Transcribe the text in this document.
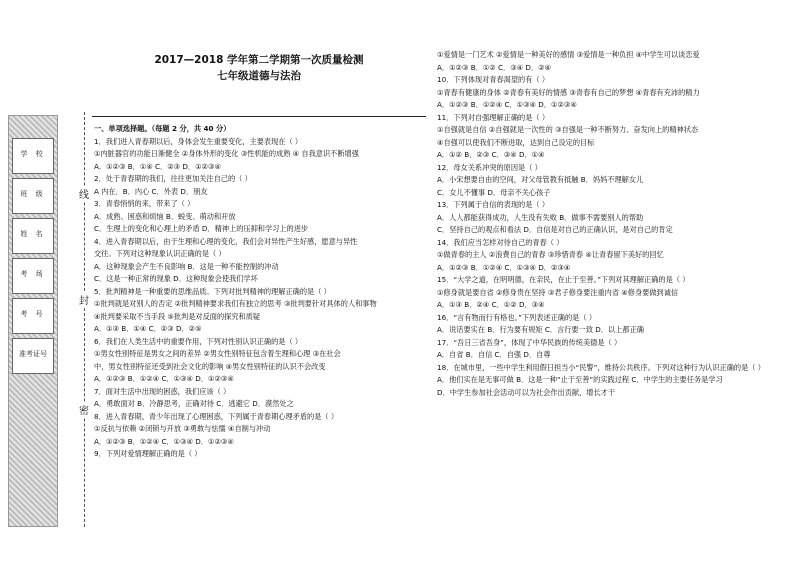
学 校
班 级
姓 名
考 场
考 号
准考证号
线
封
密
2017—2018 学年第二学期第一次质量检测
七年级道德与法治
一、单项选择题。（每题 2 分，共 40 分）
1．我们进入青春期以后，身体会发生重要变化，主要表现在（ ）
①内脏器官的功能日渐健全 ②身体外形的变化 ③性机能的成熟 ④ 自我意识不断增强
A．①②③ B．①④ C．②③ D．①②③④
2．处于青春期的我们，往往更加关注自己的（ ）
A 内在．B．内心 C．外表 D．朋友
3．青春悄悄的来，带来了（ ）
A．成熟、困惑和烦恼 B．蜕变、萌动和开放
C．生理上的变化和心理上的矛盾 D．精神上的压抑和学习上的进步
4．进入青春期以后，由于生理和心理的变化，我们会对异性产生好感，愿意与异性
交往。下列对这种现象认识正确的是（ ）
A．这种现象会产生不良影响 B．这是一种不能控制的冲动
C．这是一种正常的现象 D．这种现象会使我们学坏
5．批判精神是一种重要的思维品质。下列对批判精神的理解正确的是（ ）
①批判就是对别人的否定 ②批判精神要求我们有独立的思考 ③批判要针对具体的人和事物
④批判要采取不当手段 ⑤批判是对反面的探究和质疑
A．①③ B．①④ C．②③ D．②⑤
6．我们在人类生活中的重要作用，下列对性别认识正确的是（ ）
①男女性别特征是男女之间的差异 ②男女性别特征包含着生理和心理 ③在社会
中，男女性别特征还受到社会文化的影响 ④男女性别特征的认识不会改变
A．①②③ B．①②④ C．①③④ D．①②③④
7．面对生活中出现的困惑，我们应该（ ）
A．勇敢面对 B．冷静思考，正确对待 C．逃避它 D．漠然处之
8．进入青春期，青少年出现了心理困惑，下列属于青春期心理矛盾的是（ ）
①反抗与依赖 ②闭锁与开放 ③勇敢与怯懦 ④自制与冲动
A．①②③ B．①②④ C．①③④ D．①②③④
9．下列对爱情理解正确的是（ ）
①爱情是一门艺术 ②爱情是一种美好的感情 ③爱情是一种负担 ④中学生可以谈恋爱
A．①②③ B．①② C．③④ D．②④
10．下列体现对青春渴望的有（ ）
①青春有健康的身体 ②青春有美好的情感 ③青春有自己的梦想 ④青春有充沛的精力
A．①②③ B．①②④ C．①③④ D．①②③④
11．下列对自强理解正确的是（ ）
①自强就是自信 ②自强就是一次性的 ③自强是一种不断努力、奋发向上的精神状态
④自强可以使我们不断进取，达到自己设定的目标
A．①② B．②③ C．③④ D．①④
12．母女关系冲突的原因是（ ）
A．小宋想要自由的空间，对父母管教有抵触 B．妈妈不理解女儿
C．女儿不懂事 D．母亲不关心孩子
13．下列属于自信的表现的是（ ）
A．人人都能获得成功，人生没有失败 B．做事不需要别人的帮助
C．坚持自己的观点和看法 D．自信是对自己的正确认识，是对自己的肯定
14．我们应当怎样对待自己的青春（ ）
①做青春的主人 ②浪费自己的青春 ③珍惜青春 ④让青春留下美好的回忆
A．①②③ B．①②④ C．①③④ D．②③④
15．“大学之道，在明明德，在亲民，在止于至善。”下列对其理解正确的是（ ）
①修身就是要自省 ②修身贵在坚持 ③君子修身要注重内省 ④修身要做到诚信
A．①③ B．②④ C．①② D．③④
16．“言有物而行有格也。”下列表述正确的是（ ）
A．说话要实在 B．行为要有规矩 C．言行要一致 D．以上都正确
17．“吾日三省吾身”，体现了中华民族的传统美德是（ ）
A．自省 B．自信 C．自强 D．自尊
18．在城市里，一些中学生利用假日担当小“民警”，维持公共秩序。下列对这种行为认识正确的是（ ）
A．他们实在是无事可做 B．这是一种“止于至善”的实践过程 C．中学生的主要任务是学习
D．中学生参加社会活动可以为社会作出贡献，增长才干
